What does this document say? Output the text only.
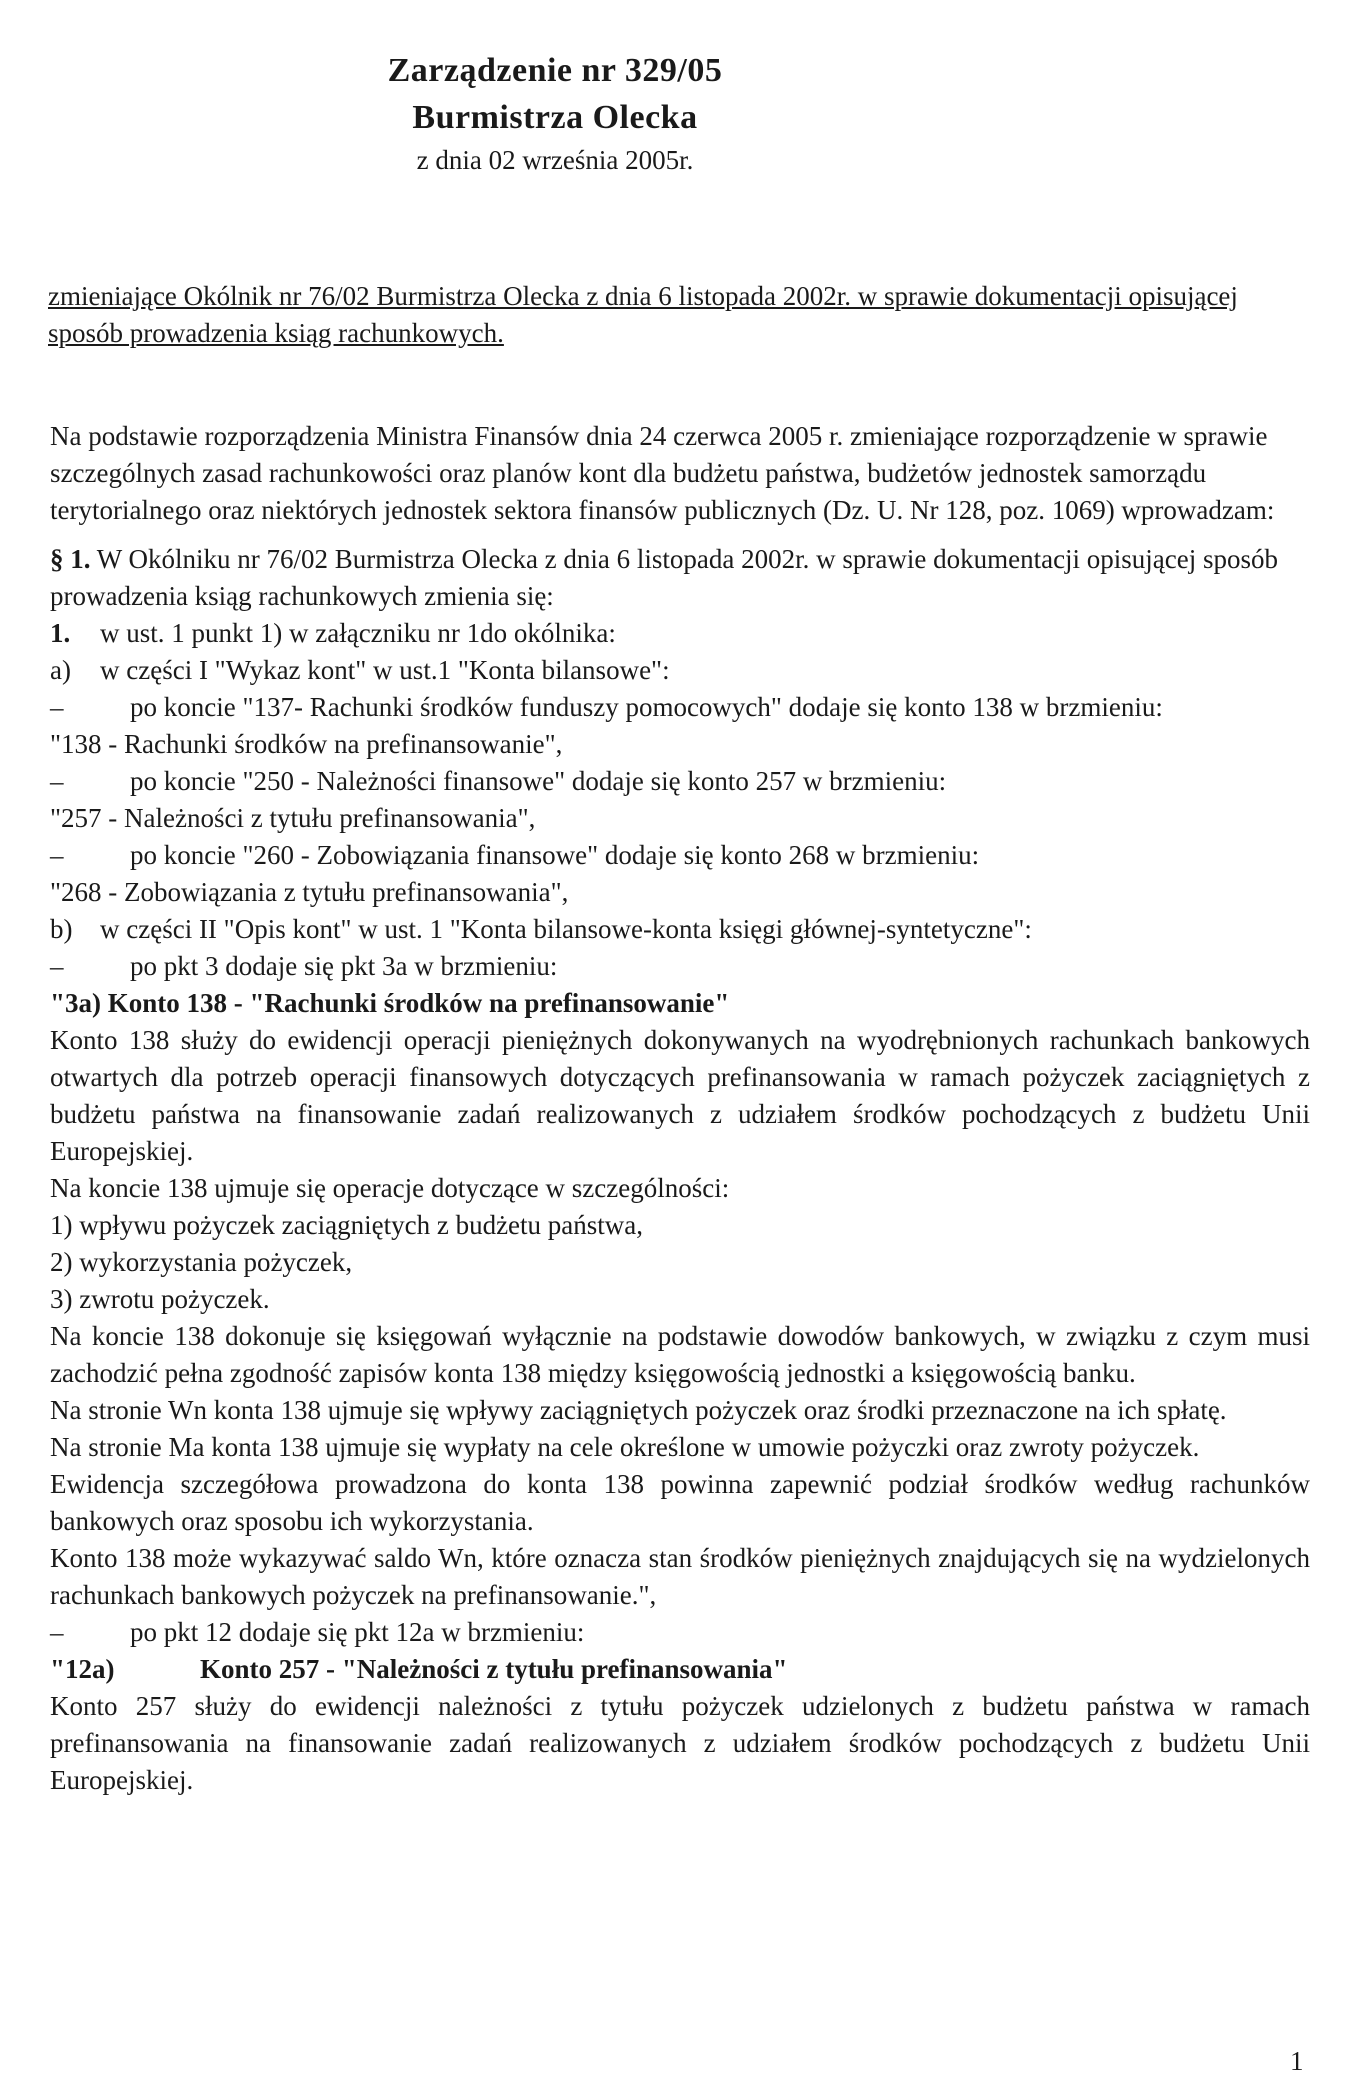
Zarządzenie nr 329/05
Burmistrza Olecka
z dnia 02 września 2005r.
zmieniające Okólnik nr 76/02 Burmistrza Olecka z dnia 6 listopada 2002r. w sprawie dokumentacji opisującej sposób prowadzenia ksiąg rachunkowych.

Na podstawie rozporządzenia Ministra Finansów dnia 24 czerwca 2005 r. zmieniające rozporządzenie w sprawie szczególnych zasad rachunkowości oraz planów kont dla budżetu państwa, budżetów jednostek samorządu terytorialnego oraz niektórych jednostek sektora finansów publicznych (Dz. U. Nr 128, poz. 1069) wprowadzam:

§ 1. W Okólniku nr 76/02 Burmistrza Olecka z dnia 6 listopada 2002r. w sprawie dokumentacji opisującej sposób prowadzenia ksiąg rachunkowych zmienia się:

1.	w ust. 1 punkt 1) w załączniku nr 1do okólnika:
a)	w części I "Wykaz kont" w ust.1 "Konta bilansowe":
–	po koncie "137- Rachunki środków funduszy pomocowych" dodaje się konto 138 w brzmieniu:

"138 - Rachunki środków na prefinansowanie",

–	po koncie "250 - Należności finansowe" dodaje się konto 257 w brzmieniu:

"257 - Należności z tytułu prefinansowania",

–	po koncie "260 - Zobowiązania finansowe" dodaje się konto 268 w brzmieniu:

"268 - Zobowiązania z tytułu prefinansowania",

b)	w części II "Opis kont" w ust. 1 "Konta bilansowe-konta księgi głównej-syntetyczne":
–	po pkt 3 dodaje się pkt 3a w brzmieniu:

"3a) Konto 138 - "Rachunki środków na prefinansowanie"

Konto 138 służy do ewidencji operacji pieniężnych dokonywanych na wyodrębnionych rachunkach bankowych otwartych dla potrzeb operacji finansowych dotyczących prefinansowania w ramach pożyczek zaciągniętych z budżetu państwa na finansowanie zadań realizowanych z udziałem środków pochodzących z budżetu Unii Europejskiej.

Na koncie 138 ujmuje się operacje dotyczące w szczególności:

1) wpływu pożyczek zaciągniętych z budżetu państwa,

2) wykorzystania pożyczek,

3) zwrotu pożyczek.

Na koncie 138 dokonuje się księgowań wyłącznie na podstawie dowodów bankowych, w związku z czym musi zachodzić pełna zgodność zapisów konta 138 między księgowością jednostki a księgowością banku.

Na stronie Wn konta 138 ujmuje się wpływy zaciągniętych pożyczek oraz środki przeznaczone na ich spłatę.

Na stronie Ma konta 138 ujmuje się wypłaty na cele określone w umowie pożyczki oraz zwroty pożyczek.

Ewidencja szczegółowa prowadzona do konta 138 powinna zapewnić podział środków według rachunków bankowych oraz sposobu ich wykorzystania.

Konto 138 może wykazywać saldo Wn, które oznacza stan środków pieniężnych znajdujących się na wydzielonych rachunkach bankowych pożyczek na prefinansowanie.",

–	po pkt 12 dodaje się pkt 12a w brzmieniu:
"12a)	Konto 257 - "Należności z tytułu prefinansowania"

Konto 257 służy do ewidencji należności z tytułu pożyczek udzielonych z budżetu państwa w ramach prefinansowania na finansowanie zadań realizowanych z udziałem środków pochodzących z budżetu Unii Europejskiej.

1
